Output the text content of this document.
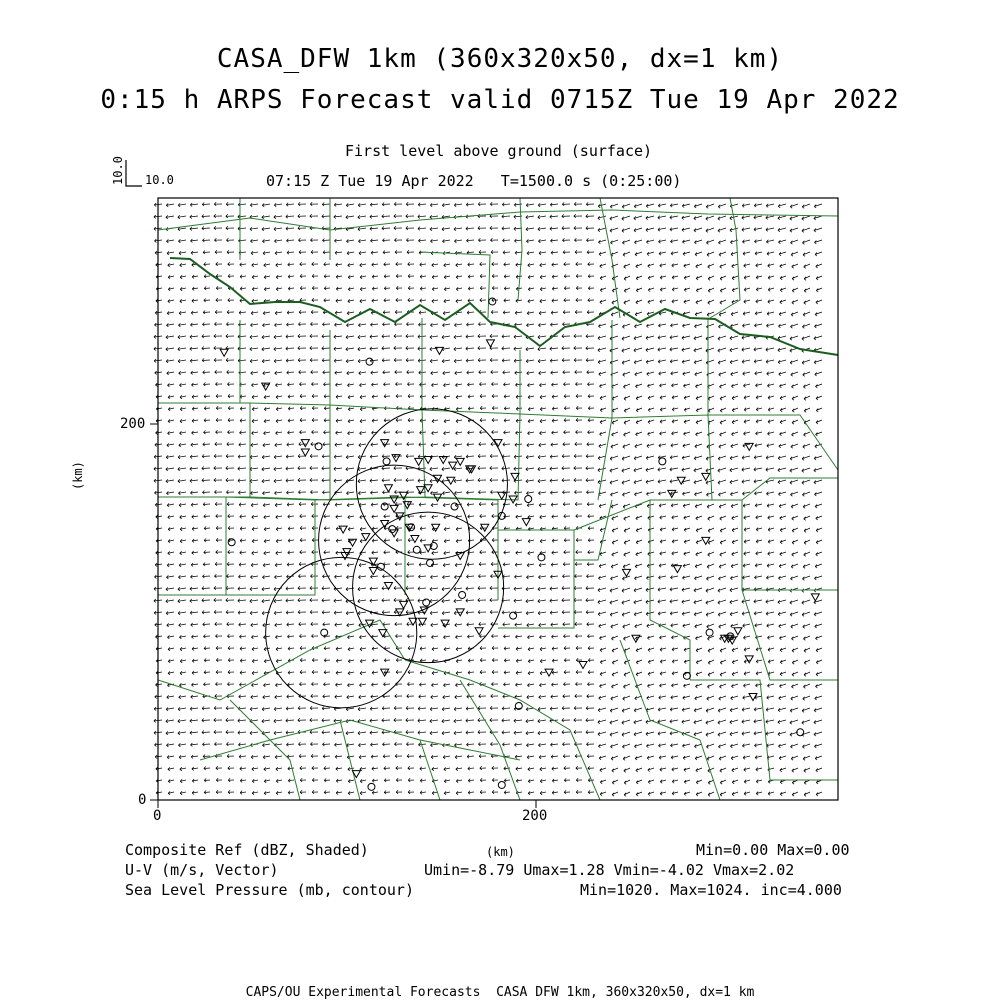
CASA_DFW 1km (360x320x50, dx=1 km)
0:15 h ARPS Forecast valid 0715Z Tue 19 Apr 2022
First level above ground (surface)
07:15 Z Tue 19 Apr 2022   T=1500.0 s (0:25:00)
0	200
0
200
(km)
(km)
10.0 10.0
Composite Ref (dBZ, Shaded)	Min=0.00 Max=0.00
U-V (m/s, Vector)	Umin=-8.79 Umax=1.28 Vmin=-4.02 Vmax=2.02
Sea Level Pressure (mb, contour)	Min=1020. Max=1024. inc=4.000
CAPS/OU Experimental Forecasts  CASA DFW 1km, 360x320x50, dx=1 km
